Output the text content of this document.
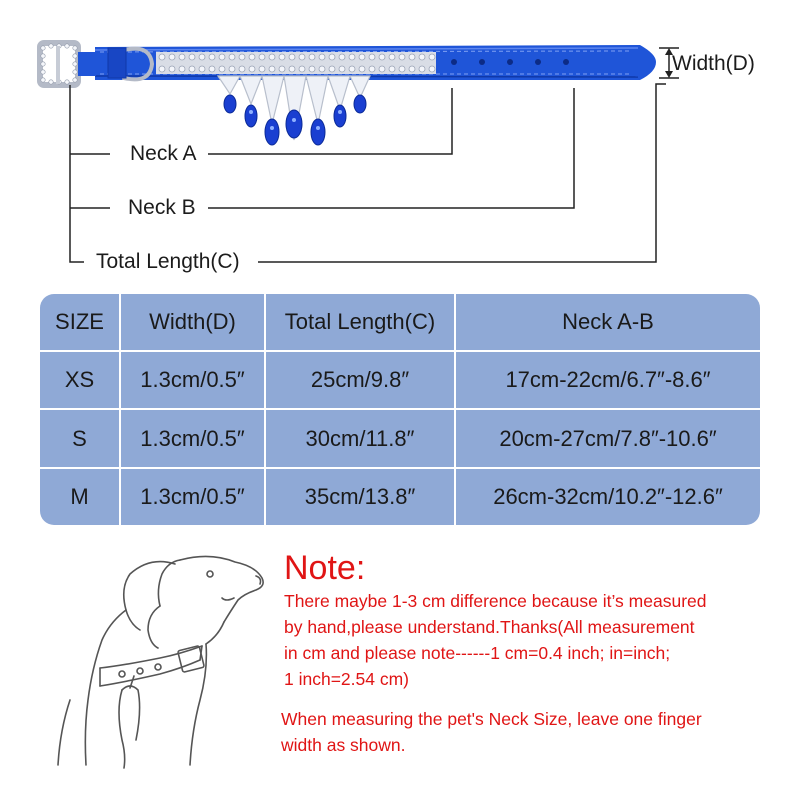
Width(D)
Neck A
Neck B
Total Length(C)
SIZE	Width(D)	Total Length(C)	Neck A-B
XS	1.3cm/0.5″	25cm/9.8″	17cm-22cm/6.7″-8.6″
S	1.3cm/0.5″	30cm/11.8″	20cm-27cm/7.8″-10.6″
M	1.3cm/0.5″	35cm/13.8″	26cm-32cm/10.2″-12.6″
Note:
There maybe 1-3 cm difference because it’s measured
by hand,please understand.Thanks(All measurement
in cm and please note------1 cm=0.4 inch; in=inch;
1 inch=2.54 cm)
When measuring the pet's Neck Size, leave one finger
width as shown.
